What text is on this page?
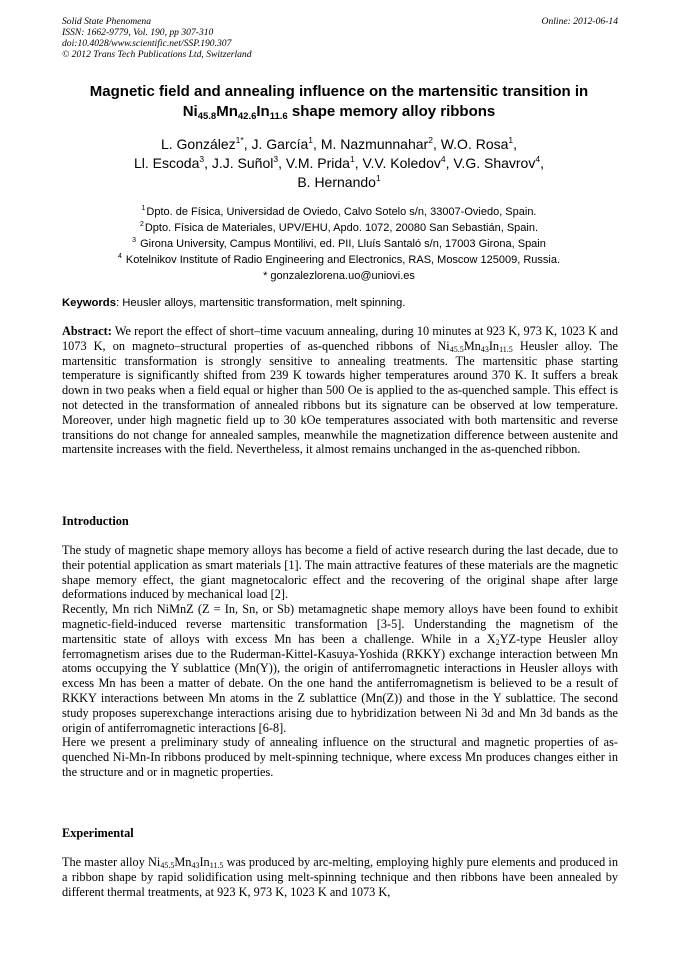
Solid State Phenomena
ISSN: 1662-9779, Vol. 190, pp 307-310
doi:10.4028/www.scientific.net/SSP.190.307
© 2012 Trans Tech Publications Ltd, Switzerland
Online: 2012-06-14
Magnetic field and annealing influence on the martensitic transition in
$Ni_{45.8}Mn_{42.6}In_{11.6}$ shape memory alloy ribbons
L. González$^{1*}$, J. García$^1$, M. Nazmunnahar$^2$, W.O. Rosa$^1$,
Ll. Escoda$^3$, J.J. Suñol$^3$, V.M. Prida$^1$, V.V. Koledov$^4$, V.G. Shavrov$^4$,
B. Hernando$^1$
$^1$Dpto. de Física, Universidad de Oviedo, Calvo Sotelo s/n, 33007-Oviedo, Spain.
$^2$Dpto. Física de Materiales, UPV/EHU, Apdo. 1072, 20080 San Sebastián, Spain.
$^3$ Girona University, Campus Montilivi, ed. PII, Lluís Santaló s/n, 17003 Girona, Spain
$^4$ Kotelnikov Institute of Radio Engineering and Electronics, RAS, Moscow 125009, Russia.
* gonzalezlorena.uo@uniovi.es
Keywords: Heusler alloys, martensitic transformation, melt spinning.
Abstract: We report the effect of short–time vacuum annealing, during 10 minutes at 923 K, 973 K, 1023 K and 1073 K, on magneto–structural properties of as-quenched ribbons of $Ni_{45.5}Mn_{43}In_{11.5}$ Heusler alloy. The martensitic transformation is strongly sensitive to annealing treatments. The martensitic phase starting temperature is significantly shifted from 239 K towards higher temperatures around 370 K. It suffers a break down in two peaks when a field equal or higher than 500 Oe is applied to the as-quenched sample. This effect is not detected in the transformation of annealed ribbons but its signature can be observed at low temperature. Moreover, under high magnetic field up to 30 kOe temperatures associated with both martensitic and reverse transitions do not change for annealed samples, meanwhile the magnetization difference between austenite and martensite increases with the field. Nevertheless, it almost remains unchanged in the as-quenched ribbon.
Introduction

The study of magnetic shape memory alloys has become a field of active research during the last decade, due to their potential application as smart materials [1]. The main attractive features of these materials are the magnetic shape memory effect, the giant magnetocaloric effect and the recovering of the original shape after large deformations induced by mechanical load [2].

Recently, Mn rich NiMnZ (Z = In, Sn, or Sb) metamagnetic shape memory alloys have been found to exhibit magnetic-field-induced reverse martensitic transformation [3-5]. Understanding the magnetism of the martensitic state of alloys with excess Mn has been a challenge. While in a $X_2YZ$-type Heusler alloy ferromagnetism arises due to the Ruderman-Kittel-Kasuya-Yoshida (RKKY) exchange interaction between Mn atoms occupying the Y sublattice (Mn(Y)), the origin of antiferromagnetic interactions in Heusler alloys with excess Mn has been a matter of debate. On the one hand the antiferromagnetism is believed to be a result of RKKY interactions between Mn atoms in the Z sublattice (Mn(Z)) and those in the Y sublattice. The second study proposes superexchange interactions arising due to hybridization between Ni 3d and Mn 3d bands as the origin of antiferromagnetic interactions [6-8].

Here we present a preliminary study of annealing influence on the structural and magnetic properties of as-quenched Ni-Mn-In ribbons produced by melt-spinning technique, where excess Mn produces changes either in the structure and or in magnetic properties.

Experimental

The master alloy $Ni_{45.5}Mn_{43}In_{11.5}$ was produced by arc-melting, employing highly pure elements and produced in a ribbon shape by rapid solidification using melt-spinning technique and then ribbons have been annealed by different thermal treatments, at 923 K, 973 K, 1023 K and 1073 K,
